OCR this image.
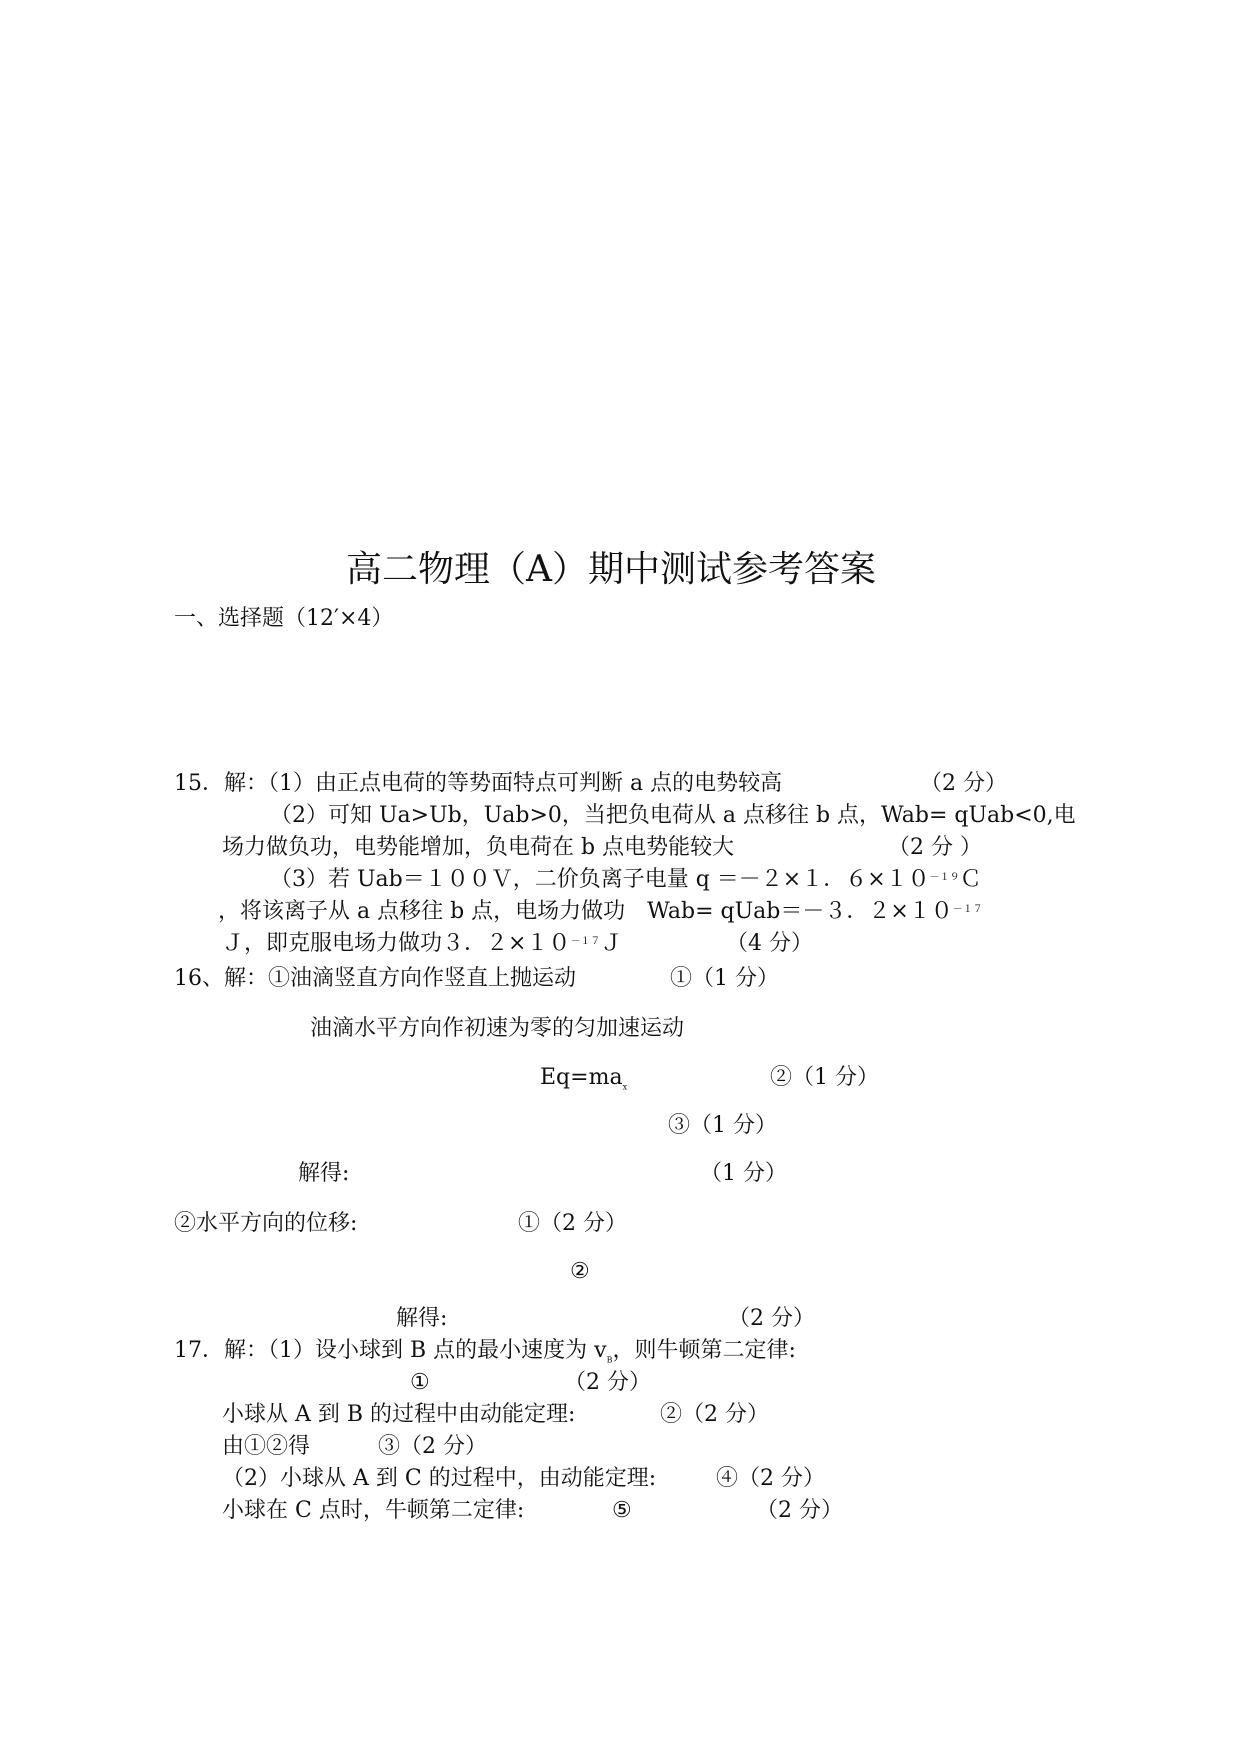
高二物理（A）期中测试参考答案
一、选择题（12′×4）
15．解：（1）由正点电荷的等势面特点可判断 a 点的电势较高	（2 分）
（2）可知 Ua>Ub，Uab>0，当把负电荷从 a 点移往 b 点，Wab= qUab<0,电
场力做负功，电势能增加，负电荷在 b 点电势能较大	（2 分 ）
（3）若 Uab＝１００Ｖ，二价负离子电量 q ＝－２×１．$6\times 10^{-19}C$
，将该离子从 a 点移往 b 点，电场力做功　Wab= qUab＝－３．$2\times 10^{-17}$
Ｊ，即克服电场力做功３．$2\times 10^{-17}J$	（4 分）
16、解：①油滴竖直方向作竖直上抛运动	①（1 分）
油滴水平方向作初速为零的匀加速运动
$Eq=ma_x$	②（1 分）
③（1 分）
解得:	（1 分）
②水平方向的位移:	①（2 分）
②
解得:	（2 分）
17．解：（1）设小球到 B 点的最小速度为 $v_B$，则牛顿第二定律:
①	（2 分）
小球从 A 到 B 的过程中由动能定理:	②（2 分）
由①②得	③（2 分）
（2）小球从 A 到 C 的过程中，由动能定理:	④（2 分）
小球在 C 点时，牛顿第二定律:	⑤	（2 分）
